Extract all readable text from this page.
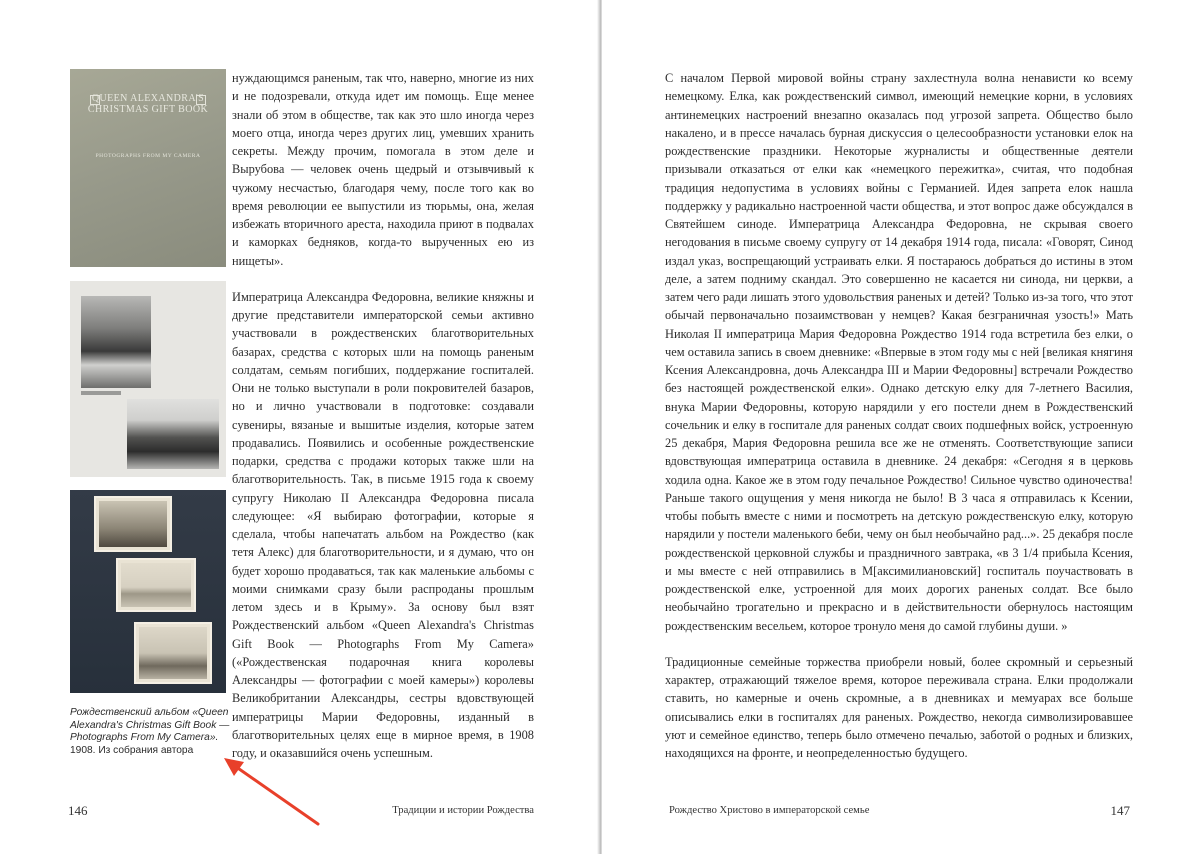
QUEEN ALEXANDRA'S CHRISTMAS GIFT BOOK
PHOTOGRAPHS FROM MY CAMERA
Рождественский альбом «Queen Alexandra's Christmas Gift Book — Photographs From My Camera». 1908. Из собрания автора

нуждающимся раненым, так что, наверно, многие из них и не подозревали, откуда идет им помощь. Еще менее знали об этом в обществе, так как это шло иногда через моего отца, иногда через других лиц, умевших хранить секреты. Между прочим, помогала в этом деле и Вырубова — человек очень щедрый и отзывчивый к чужому несчастью, благодаря чему, после того как во время революции ее выпустили из тюрьмы, она, желая избежать вторичного ареста, находила приют в подвалах и каморках бедняков, когда-то вырученных ею из нищеты».

Императрица Александра Федоровна, великие княжны и другие представители императорской семьи активно участвовали в рождественских благотворительных базарах, средства с которых шли на помощь раненым солдатам, семьям погибших, поддержание госпиталей. Они не только выступали в роли покровителей базаров, но и лично участвовали в подготовке: создавали сувениры, вязаные и вышитые изделия, которые затем продавались. Появились и особенные рождественские подарки, средства с продажи которых также шли на благотворительность. Так, в письме 1915 года к своему супругу Николаю II Александра Федоровна писала следующее: «Я выбираю фотографии, которые я сделала, чтобы напечатать альбом на Рождество (как тетя Алекс) для благотворительности, и я думаю, что он будет хорошо продаваться, так как маленькие альбомы с моими снимками сразу были распроданы прошлым летом здесь и в Крыму». За основу был взят Рождественский альбом «Queen Alexandra's Christmas Gift Book — Photographs From My Camera» («Рождественская подарочная книга королевы Александры — фотографии с моей камеры») королевы Великобритании Александры, сестры вдовствующей императрицы Марии Федоровны, изданный в благотворительных целях еще в мирное время, в 1908 году, и оказавшийся очень успешным.

146	Традиции и истории Рождества

С началом Первой мировой войны страну захлестнула волна ненависти ко всему немецкому. Елка, как рождественский символ, имеющий немецкие корни, в условиях антинемецких настроений внезапно оказалась под угрозой запрета. Общество было накалено, и в прессе началась бурная дискуссия о целесообразности установки елок на рождественские праздники. Некоторые журналисты и общественные деятели призывали отказаться от елки как «немецкого пережитка», считая, что подобная традиция недопустима в условиях войны с Германией. Идея запрета елок нашла поддержку у радикально настроенной части общества, и этот вопрос даже обсуждался в Святейшем синоде. Императрица Александра Федоровна, не скрывая своего негодования в письме своему супругу от 14 декабря 1914 года, писала: «Говорят, Синод издал указ, воспрещающий устраивать елки. Я постараюсь добраться до истины в этом деле, а затем подниму скандал. Это совершенно не касается ни синода, ни церкви, а затем чего ради лишать этого удовольствия раненых и детей? Только из-за того, что этот обычай первоначально позаимствован у немцев? Какая безграничная узость!» Мать Николая II императрица Мария Федоровна Рождество 1914 года встретила без елки, о чем оставила запись в своем дневнике: «Впервые в этом году мы с ней [великая княгиня Ксения Александровна, дочь Александра III и Марии Федоровны] встречали Рождество без настоящей рождественской елки». Однако детскую елку для 7-летнего Василия, внука Марии Федоровны, которую нарядили у его постели днем в Рождественский сочельник и елку в госпитале для раненых солдат своих подшефных войск, устроенную 25 декабря, Мария Федоровна решила все же не отменять. Соответствующие записи вдовствующая императрица оставила в дневнике. 24 декабря: «Сегодня я в церковь ходила одна. Какое же в этом году печальное Рождество! Сильное чувство одиночества! Раньше такого ощущения у меня никогда не было! В 3 часа я отправилась к Ксении, чтобы побыть вместе с ними и посмотреть на детскую рождественскую елку, которую нарядили у постели маленького беби, чему он был необычайно рад...». 25 декабря после рождественской церковной службы и праздничного завтрака, «в 3 1/4 прибыла Ксения, и мы вместе с ней отправились в М[аксимилиановский] госпиталь поучаствовать в рождественской елке, устроенной для моих дорогих раненых солдат. Все было необычайно трогательно и прекрасно и в действительности обернулось настоящим рождественским весельем, которое тронуло меня до самой глубины души. »

Традиционные семейные торжества приобрели новый, более скромный и серьезный характер, отражающий тяжелое время, которое переживала страна. Елки продолжали ставить, но камерные и очень скромные, а в дневниках и мемуарах все больше описывались елки в госпиталях для раненых. Рождество, некогда символизировавшее уют и семейное единство, теперь было отмечено печалью, заботой о родных и близких, находящихся на фронте, и неопределенностью будущего.

Рождество Христово в императорской семье	147
